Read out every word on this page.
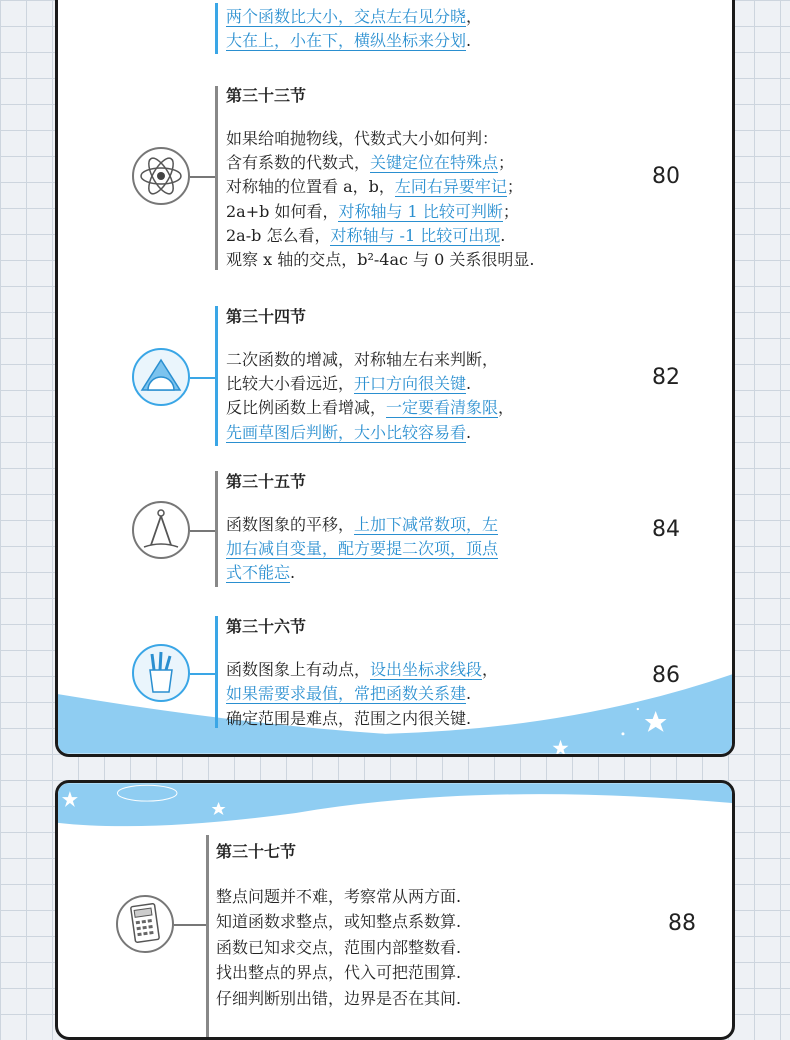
两个函数比大小，交点左右见分晓，
大在上，小在下，横纵坐标来分划.
第三十三节
80
如果给咱抛物线，代数式大小如何判：
含有系数的代数式，关键定位在特殊点；
对称轴的位置看 a，b，左同右异要牢记；
2a+b 如何看，对称轴与 1 比较可判断；
2a-b 怎么看，对称轴与 -1 比较可出现.
观察 x 轴的交点，b²-4ac 与 0 关系很明显.
第三十四节
82
二次函数的增减，对称轴左右来判断，
比较大小看远近，开口方向很关键.
反比例函数上看增减，一定要看清象限，
先画草图后判断，大小比较容易看.
第三十五节
84
函数图象的平移，上加下减常数项，左
加右减自变量，配方要提二次项，顶点
式不能忘.
第三十六节
86
函数图象上有动点，设出坐标求线段，
如果需要求最值，常把函数关系建.
确定范围是难点，范围之内很关键.
第三十七节
88
整点问题并不难，考察常从两方面.
知道函数求整点，或知整点系数算.
函数已知求交点，范围内部整数看.
找出整点的界点，代入可把范围算.
仔细判断别出错，边界是否在其间.
